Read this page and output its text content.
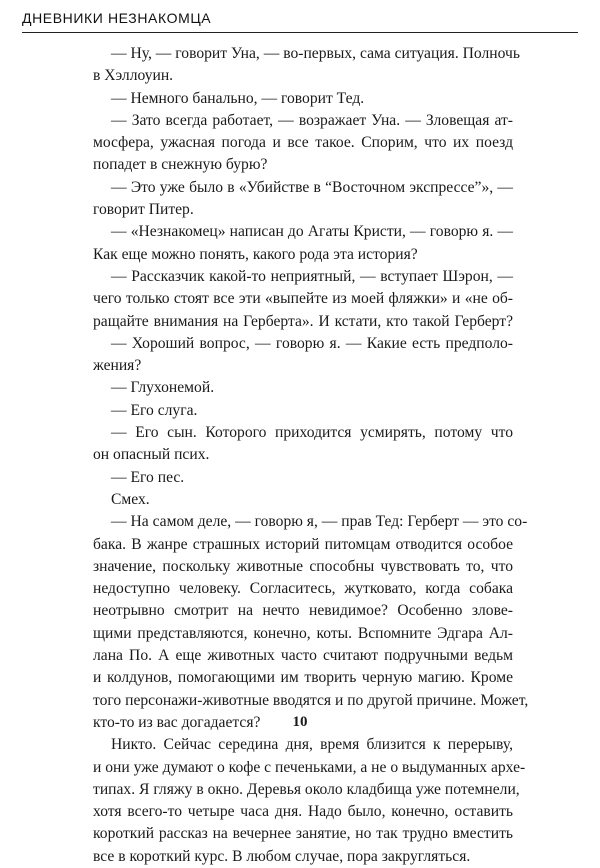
ДНЕВНИКИ НЕЗНАКОМЦА
— Ну, — говорит Уна, — во-первых, сама ситуация. Полночь
в Хэллоуин.
— Немного банально, — говорит Тед.
— Зато всегда работает, — возражает Уна. — Зловещая ат-
мосфера, ужасная погода и все такое. Спорим, что их поезд
попадет в снежную бурю?
— Это уже было в «Убийстве в “Восточном экспрессе”», —
говорит Питер.
— «Незнакомец» написан до Агаты Кристи, — говорю я. —
Как еще можно понять, какого рода эта история?
— Рассказчик какой-то неприятный, — вступает Шэрон, —
чего только стоят все эти «выпейте из моей фляжки» и «не об-
ращайте внимания на Герберта». И кстати, кто такой Герберт?
— Хороший вопрос, — говорю я. — Какие есть предполо-
жения?
— Глухонемой.
— Его слуга.
— Его сын. Которого приходится усмирять, потому что
он опасный псих.
— Его пес.
Смех.
— На самом деле, — говорю я, — прав Тед: Герберт — это со-
бака. В жанре страшных историй питомцам отводится особое
значение, поскольку животные способны чувствовать то, что
недоступно человеку. Согласитесь, жутковато, когда собака
неотрывно смотрит на нечто невидимое? Особенно злове-
щими представляются, конечно, коты. Вспомните Эдгара Ал-
лана По. А еще животных часто считают подручными ведьм
и колдунов, помогающими им творить черную магию. Кроме
того персонажи-животные вводятся и по другой причине. Может,
кто-то из вас догадается?
Никто. Сейчас середина дня, время близится к перерыву,
и они уже думают о кофе с печеньками, а не о выдуманных архе-
типах. Я гляжу в окно. Деревья около кладбища уже потемнели,
хотя всего-то четыре часа дня. Надо было, конечно, оставить
короткий рассказ на вечернее занятие, но так трудно вместить
все в короткий курс. В любом случае, пора закругляться.
10
